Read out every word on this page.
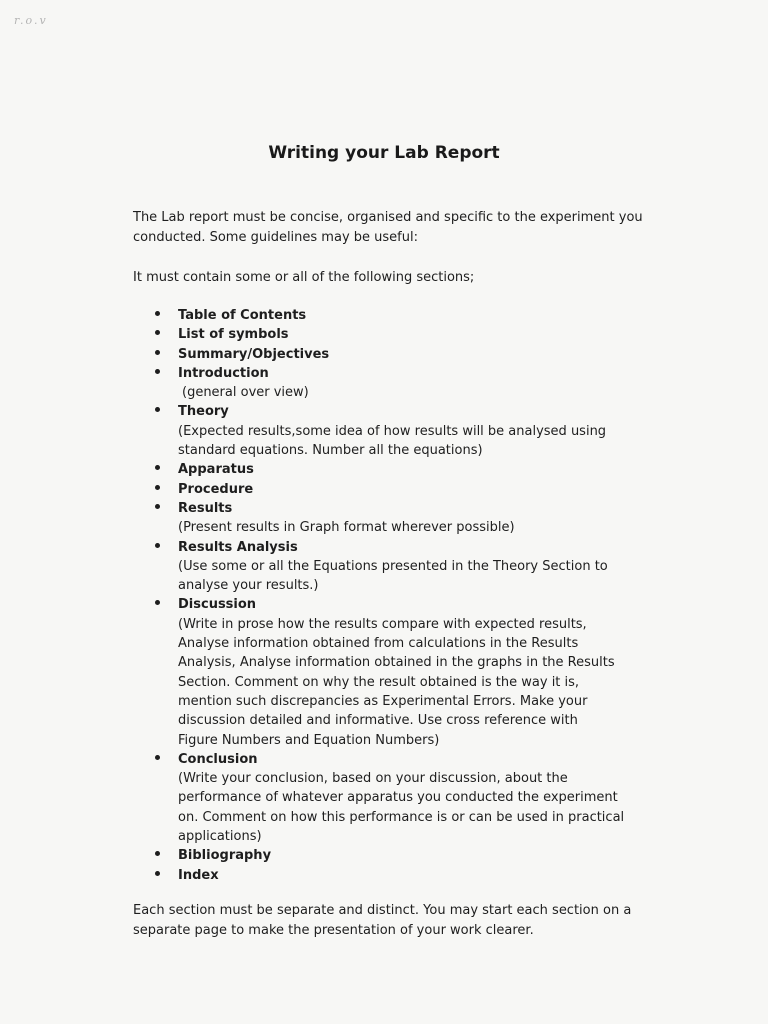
r.o.v
Writing your Lab Report
The Lab report must be concise, organised and specific to the experiment you conducted. Some guidelines may be useful:
It must contain some or all of the following sections;
Table of Contents
List of symbols
Summary/Objectives
Introduction
(general over view)
Theory
(Expected results,some idea of how results will be analysed using
standard equations. Number all the equations)
Apparatus
Procedure
Results
(Present results in Graph format wherever possible)
Results Analysis
(Use some or all the Equations presented in the Theory Section to
analyse your results.)
Discussion
(Write in prose how the results compare with expected results,
Analyse information obtained from calculations in the Results
Analysis, Analyse information obtained in the graphs in the Results
Section. Comment on why the result obtained is the way it is,
mention such discrepancies as Experimental Errors. Make your
discussion detailed and informative. Use cross reference with
Figure Numbers and Equation Numbers)
Conclusion
(Write your conclusion, based on your discussion, about the
performance of whatever apparatus you conducted the experiment
on. Comment on how this performance is or can be used in practical
applications)
Bibliography
Index
Each section must be separate and distinct. You may start each section on a separate page to make the presentation of your work clearer.
